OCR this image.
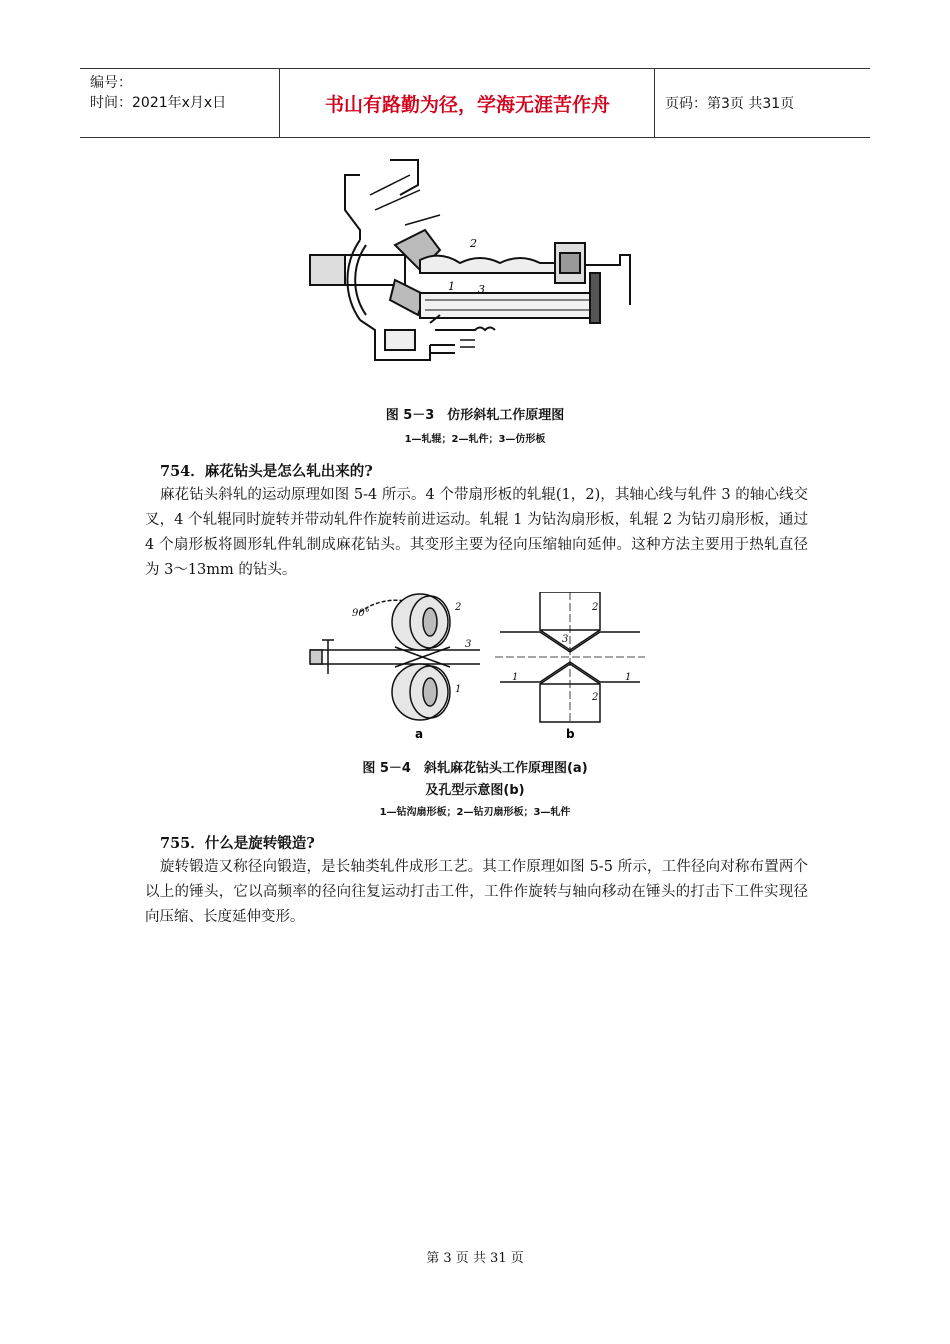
编号：
时间：2021年x月x日	书山有路勤为径，学海无涯苦作舟	页码：第3页 共31页
2
1 3
图 5－3　仿形斜轧工作原理图
1—轧辊；2—轧件；3—仿形板
754．麻花钻头是怎么轧出来的?
麻花钻头斜轧的运动原理如图 5-4 所示。4 个带扇形板的轧辊(1，2)，其轴心线与轧件 3 的轴心线交叉，4 个轧辊同时旋转并带动轧件作旋转前进运动。轧辊 1 为钻沟扇形板，轧辊 2 为钻刃扇形板，通过 4 个扇形板将圆形轧件轧制成麻花钻头。其变形主要为径向压缩轴向延伸。这种方法主要用于热轧直径为 3～13mm 的钻头。
90°
2
3
1
2
3
1	1
2
a	b
图 5－4　斜轧麻花钻头工作原理图(a)
及孔型示意图(b)
1—钻沟扇形板；2—钻刃扇形板；3—轧件
755．什么是旋转锻造?
旋转锻造又称径向锻造，是长轴类轧件成形工艺。其工作原理如图 5-5 所示，工件径向对称布置两个以上的锤头，它以高频率的径向往复运动打击工件，工件作旋转与轴向移动在锤头的打击下工件实现径向压缩、长度延伸变形。
第 3 页 共 31 页
